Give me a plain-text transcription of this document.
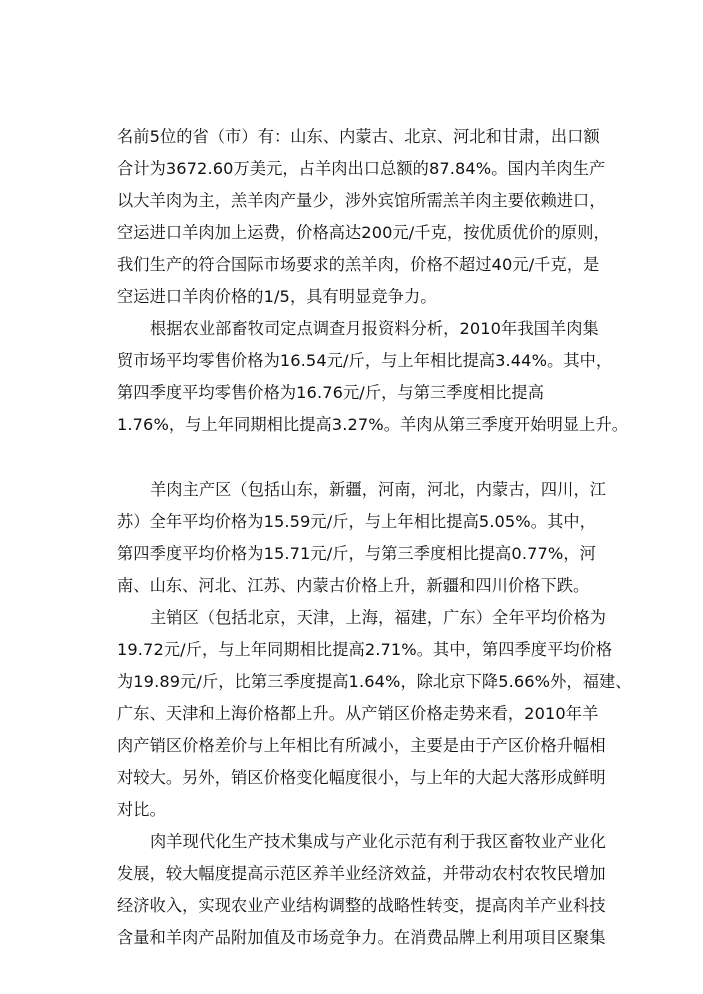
名前5位的省（市）有：山东、内蒙古、北京、河北和甘肃，出口额
合计为3672.60万美元，占羊肉出口总额的87.84%。国内羊肉生产
以大羊肉为主，羔羊肉产量少，涉外宾馆所需羔羊肉主要依赖进口，
空运进口羊肉加上运费，价格高达200元/千克，按优质优价的原则，
我们生产的符合国际市场要求的羔羊肉，价格不超过40元/千克，是
空运进口羊肉价格的1/5，具有明显竞争力。
根据农业部畜牧司定点调查月报资料分析，2010年我国羊肉集
贸市场平均零售价格为16.54元/斤，与上年相比提高3.44%。其中，
第四季度平均零售价格为16.76元/斤，与第三季度相比提高
1.76%，与上年同期相比提高3.27%。羊肉从第三季度开始明显上升。
羊肉主产区（包括山东，新疆，河南，河北，内蒙古，四川，江
苏）全年平均价格为15.59元/斤，与上年相比提高5.05%。其中，
第四季度平均价格为15.71元/斤，与第三季度相比提高0.77%，河
南、山东、河北、江苏、内蒙古价格上升，新疆和四川价格下跌。
主销区（包括北京，天津，上海，福建，广东）全年平均价格为
19.72元/斤，与上年同期相比提高2.71%。其中，第四季度平均价格
为19.89元/斤，比第三季度提高1.64%，除北京下降5.66%外，福建、
广东、天津和上海价格都上升。从产销区价格走势来看，2010年羊
肉产销区价格差价与上年相比有所减小，主要是由于产区价格升幅相
对较大。另外，销区价格变化幅度很小，与上年的大起大落形成鲜明
对比。
肉羊现代化生产技术集成与产业化示范有利于我区畜牧业产业化
发展，较大幅度提高示范区养羊业经济效益，并带动农村农牧民增加
经济收入，实现农业产业结构调整的战略性转变，提高肉羊产业科技
含量和羊肉产品附加值及市场竞争力。在消费品牌上利用项目区聚集
